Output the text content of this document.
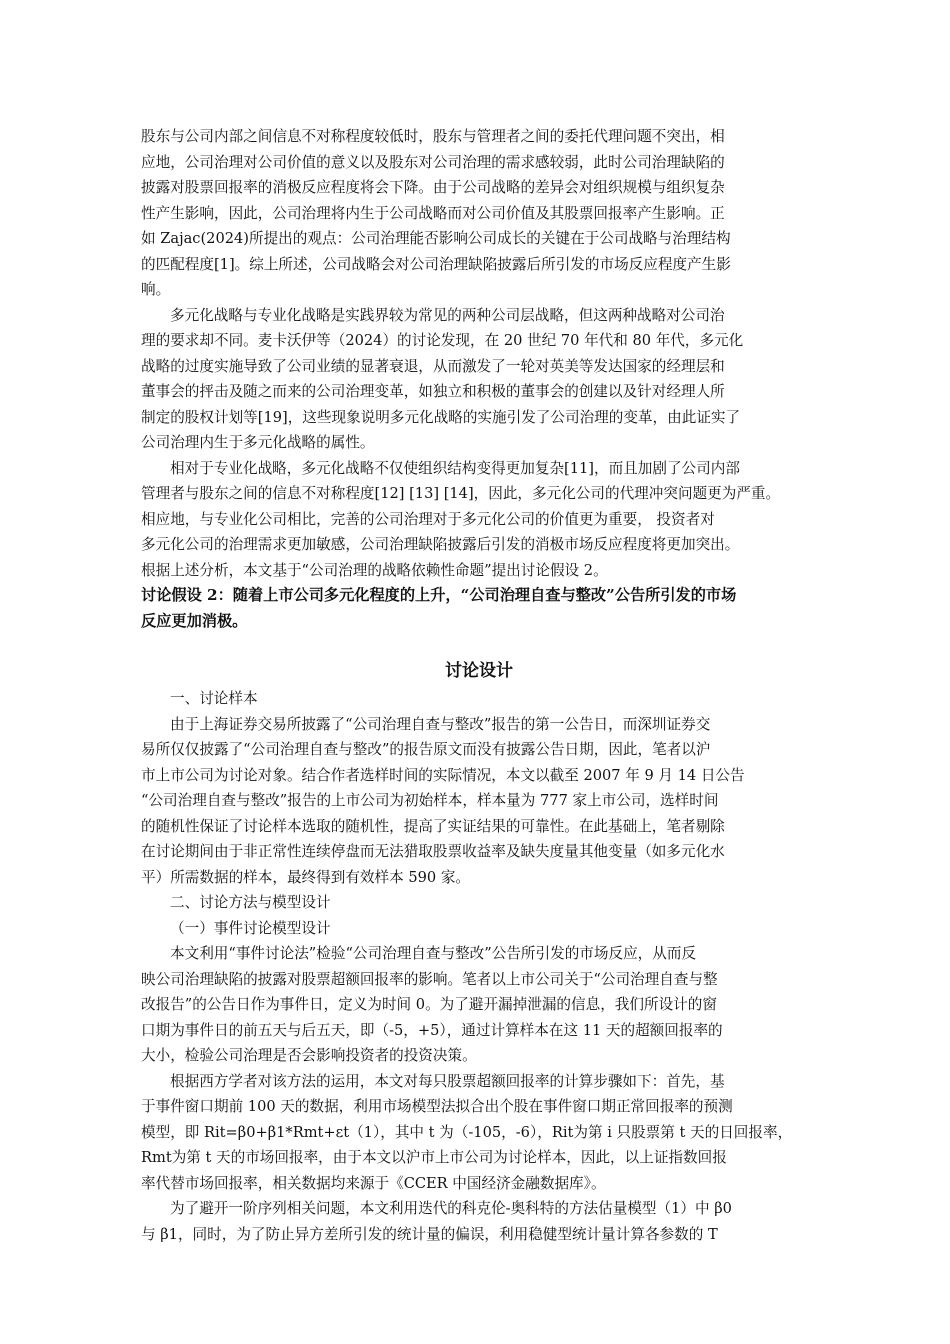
股东与公司内部之间信息不对称程度较低时，股东与管理者之间的委托代理问题不突出，相
应地，公司治理对公司价值的意义以及股东对公司治理的需求感较弱，此时公司治理缺陷的
披露对股票回报率的消极反应程度将会下降。由于公司战略的差异会对组织规模与组织复杂
性产生影响，因此，公司治理将内生于公司战略而对公司价值及其股票回报率产生影响。正
如 Zajac(2024)所提出的观点：公司治理能否影响公司成长的关键在于公司战略与治理结构
的匹配程度[1]。综上所述，公司战略会对公司治理缺陷披露后所引发的市场反应程度产生影
响。
多元化战略与专业化战略是实践界较为常见的两种公司层战略，但这两种战略对公司治
理的要求却不同。麦卡沃伊等（2024）的讨论发现，在 20 世纪 70 年代和 80 年代，多元化
战略的过度实施导致了公司业绩的显著衰退，从而激发了一轮对英美等发达国家的经理层和
董事会的抨击及随之而来的公司治理变革，如独立和积极的董事会的创建以及针对经理人所
制定的股权计划等[19]，这些现象说明多元化战略的实施引发了公司治理的变革，由此证实了
公司治理内生于多元化战略的属性。
相对于专业化战略，多元化战略不仅使组织结构变得更加复杂[11]，而且加剧了公司内部
管理者与股东之间的信息不对称程度[12] [13] [14]，因此，多元化公司的代理冲突问题更为严重。
相应地，与专业化公司相比，完善的公司治理对于多元化公司的价值更为重要， 投资者对
多元化公司的治理需求更加敏感，公司治理缺陷披露后引发的消极市场反应程度将更加突出。
根据上述分析，本文基于“公司治理的战略依赖性命题”提出讨论假设 2。
讨论假设 2：随着上市公司多元化程度的上升，“公司治理自查与整改”公告所引发的市场
反应更加消极。
讨论设计
一、讨论样本
由于上海证券交易所披露了“公司治理自查与整改”报告的第一公告日，而深圳证券交
易所仅仅披露了“公司治理自查与整改”的报告原文而没有披露公告日期，因此，笔者以沪
市上市公司为讨论对象。结合作者选样时间的实际情况，本文以截至 2007 年 9 月 14 日公告
“公司治理自查与整改”报告的上市公司为初始样本，样本量为 777 家上市公司，选样时间
的随机性保证了讨论样本选取的随机性，提高了实证结果的可靠性。在此基础上，笔者剔除
在讨论期间由于非正常性连续停盘而无法猎取股票收益率及缺失度量其他变量（如多元化水
平）所需数据的样本，最终得到有效样本 590 家。
二、讨论方法与模型设计
（一）事件讨论模型设计
本文利用“事件讨论法”检验“公司治理自查与整改”公告所引发的市场反应，从而反
映公司治理缺陷的披露对股票超额回报率的影响。笔者以上市公司关于“公司治理自查与整
改报告”的公告日作为事件日，定义为时间 0。为了避开漏掉泄漏的信息，我们所设计的窗
口期为事件日的前五天与后五天，即（-5，+5），通过计算样本在这 11 天的超额回报率的
大小，检验公司治理是否会影响投资者的投资决策。
根据西方学者对该方法的运用，本文对每只股票超额回报率的计算步骤如下：首先，基
于事件窗口期前 100 天的数据，利用市场模型法拟合出个股在事件窗口期正常回报率的预测
模型，即 Rit=β0+β1*Rmt+εt（1），其中 t 为（-105，-6），Rit为第 i 只股票第 t 天的日回报率，
Rmt为第 t 天的市场回报率，由于本文以沪市上市公司为讨论样本，因此，以上证指数回报
率代替市场回报率，相关数据均来源于《CCER 中国经济金融数据库》。
为了避开一阶序列相关问题，本文利用迭代的科克伦-奥科特的方法估量模型（1）中 β0
与 β1，同时，为了防止异方差所引发的统计量的偏误，利用稳健型统计量计算各参数的 T
